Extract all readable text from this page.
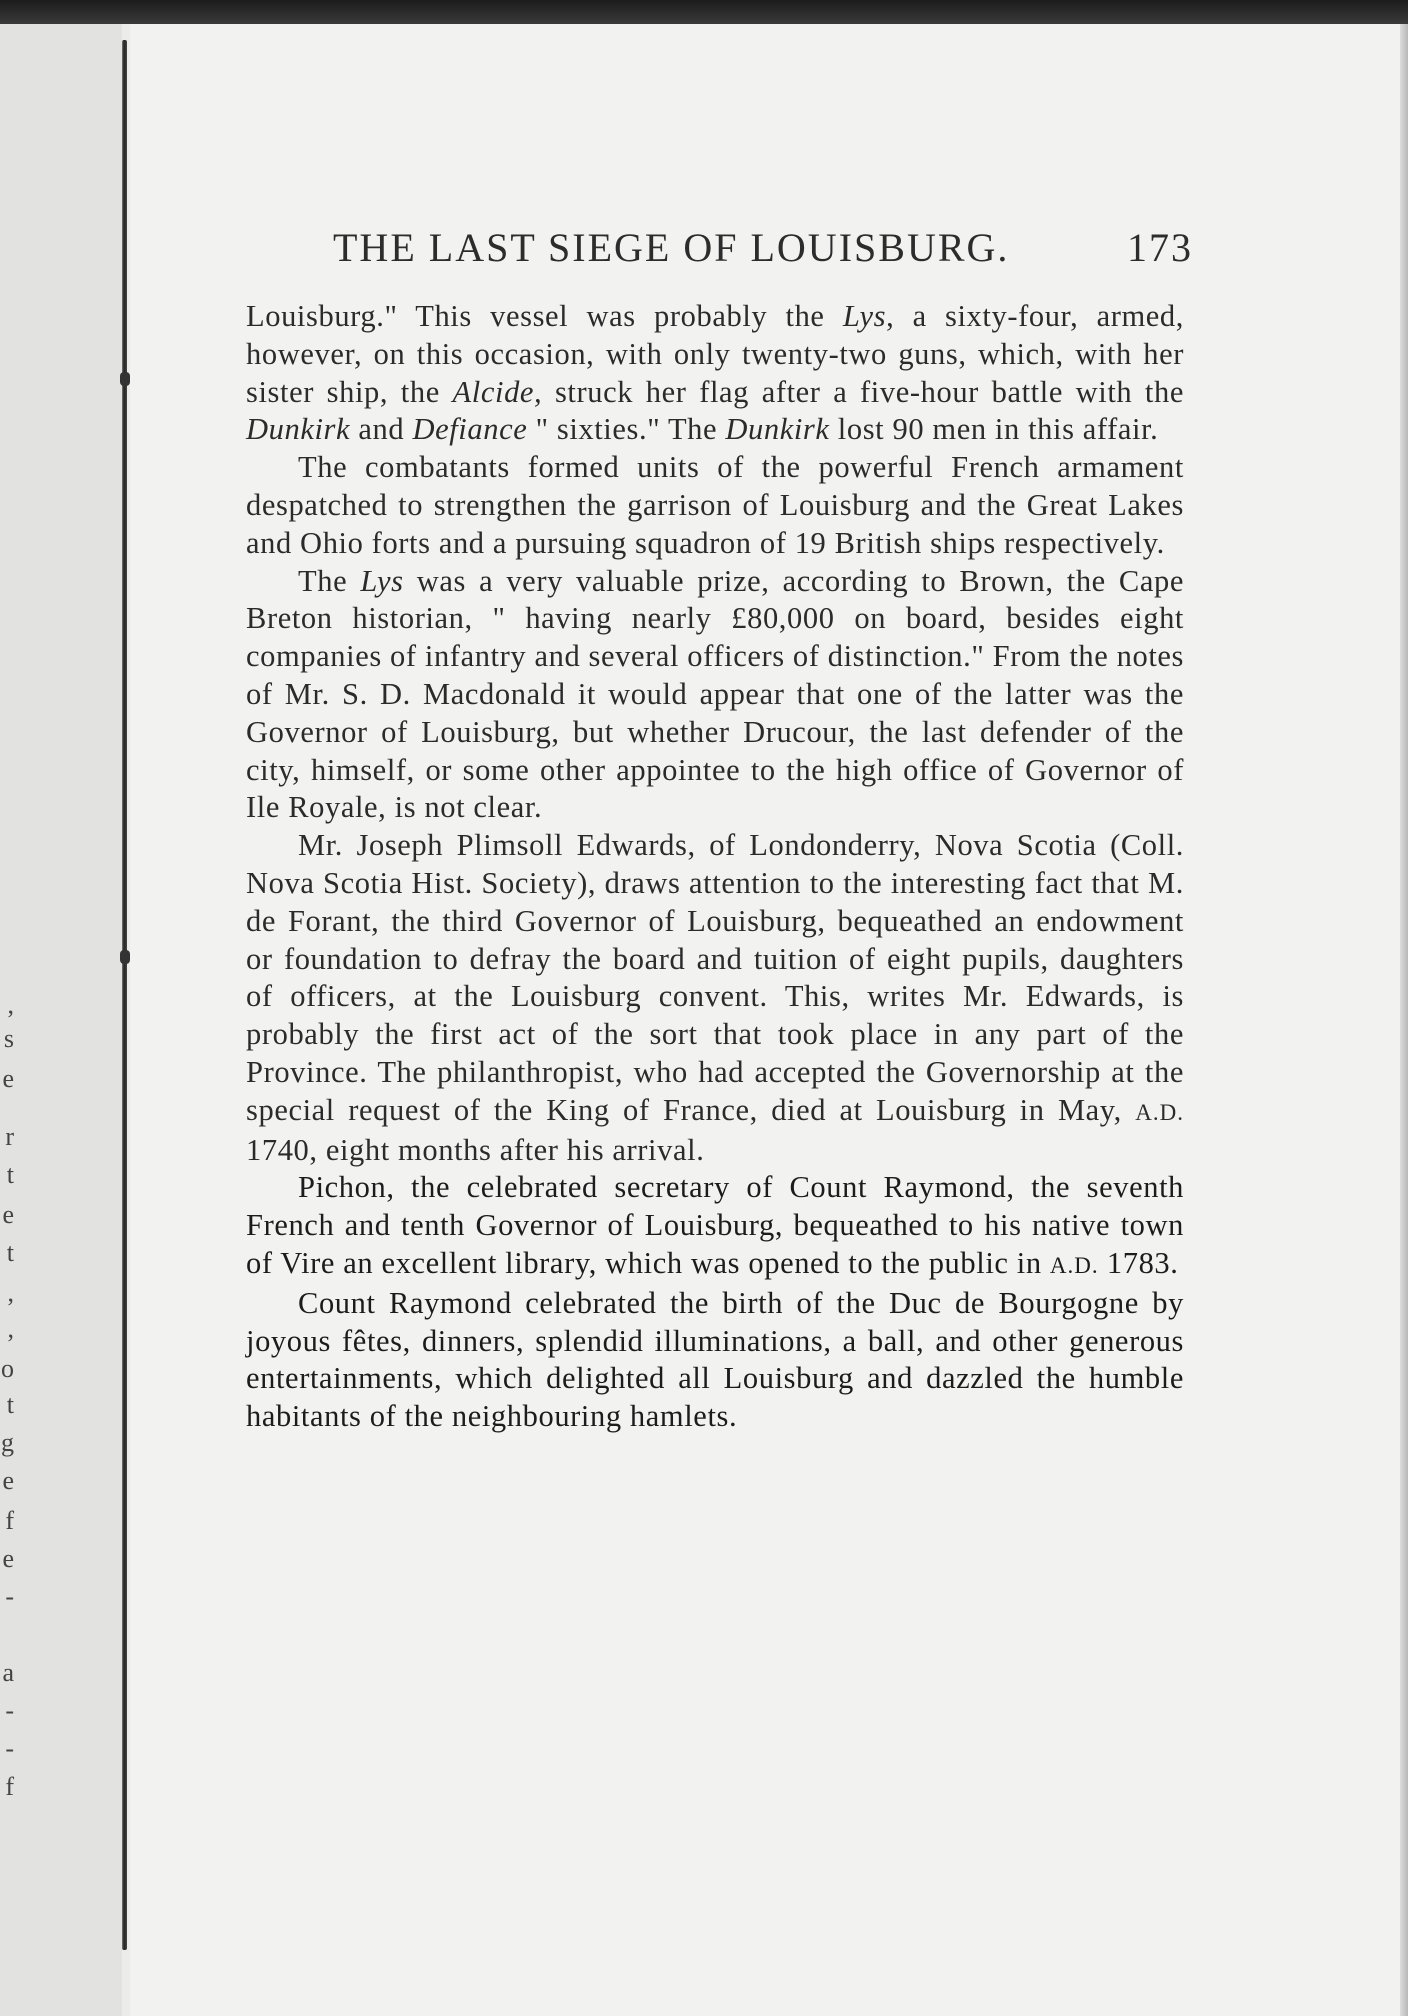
,
s
e
r
t
e
t
,
,
o
t
g
e
f
e
-
a
-
-
f
THE LAST SIEGE OF LOUISBURG.	173

Louisburg." This vessel was probably the Lys, a sixty-four, armed, however, on this occasion, with only twenty-two guns, which, with her sister ship, the Alcide, struck her flag after a five-hour battle with the Dunkirk and Defiance " sixties." The Dunkirk lost 90 men in this affair.

The combatants formed units of the powerful French armament despatched to strengthen the garrison of Louisburg and the Great Lakes and Ohio forts and a pursuing squadron of 19 British ships respectively.

The Lys was a very valuable prize, according to Brown, the Cape Breton historian, " having nearly £80,000 on board, besides eight companies of infantry and several officers of distinction." From the notes of Mr. S. D. Macdonald it would appear that one of the latter was the Governor of Louisburg, but whether Drucour, the last defender of the city, himself, or some other appointee to the high office of Governor of Ile Royale, is not clear.

Mr. Joseph Plimsoll Edwards, of Londonderry, Nova Scotia (Coll. Nova Scotia Hist. Society), draws attention to the interesting fact that M. de Forant, the third Governor of Louisburg, bequeathed an endowment or foundation to defray the board and tuition of eight pupils, daughters of officers, at the Louisburg convent. This, writes Mr. Edwards, is probably the first act of the sort that took place in any part of the Province. The philanthropist, who had accepted the Governorship at the special request of the King of France, died at Louisburg in May, A.D. 1740, eight months after his arrival.

Pichon, the celebrated secretary of Count Raymond, the seventh French and tenth Governor of Louisburg, bequeathed to his native town of Vire an excellent library, which was opened to the public in A.D. 1783.

Count Raymond celebrated the birth of the Duc de Bourgogne by joyous fêtes, dinners, splendid illuminations, a ball, and other generous entertainments, which delighted all Louisburg and dazzled the humble habitants of the neighbouring hamlets.
